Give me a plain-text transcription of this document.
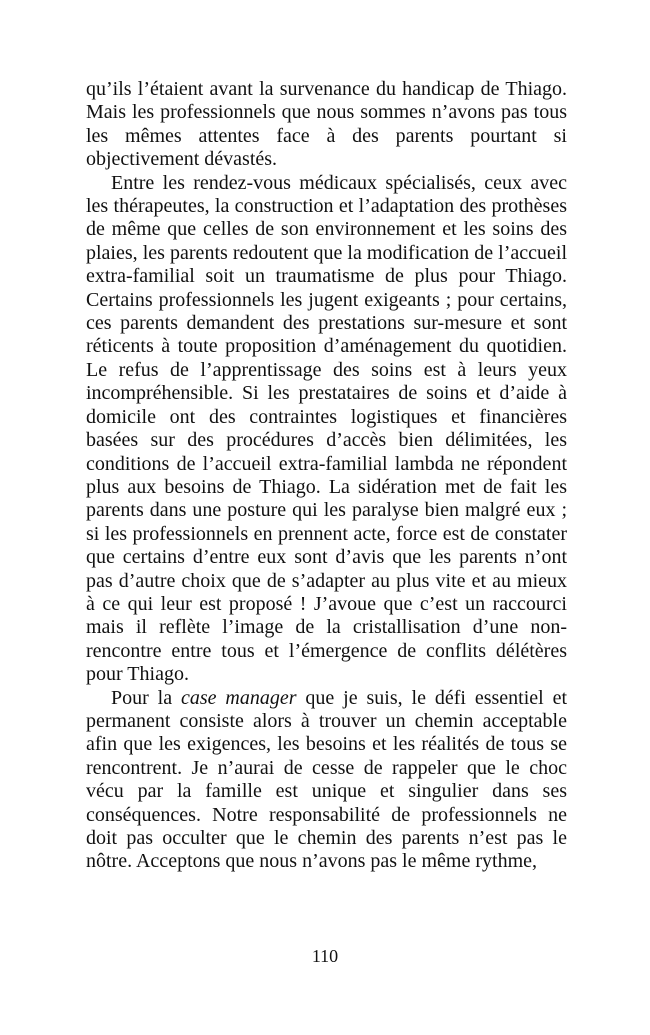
qu’ils l’étaient avant la survenance du handicap de Thiago. Mais les professionnels que nous sommes n’avons pas tous les mêmes attentes face à des parents pourtant si objectivement dévastés.

Entre les rendez-vous médicaux spécialisés, ceux avec les thérapeutes, la construction et l’adaptation des prothèses de même que celles de son environnement et les soins des plaies, les parents redoutent que la modification de l’accueil extra-familial soit un traumatisme de plus pour Thiago. Certains professionnels les jugent exigeants ; pour certains, ces parents demandent des prestations sur-mesure et sont réticents à toute proposition d’aménagement du quotidien. Le refus de l’apprentissage des soins est à leurs yeux incompréhensible. Si les prestataires de soins et d’aide à domicile ont des contraintes logistiques et financières basées sur des procédures d’accès bien délimitées, les conditions de l’accueil extra-familial lambda ne répondent plus aux besoins de Thiago. La sidération met de fait les parents dans une posture qui les paralyse bien malgré eux ; si les professionnels en prennent acte, force est de constater que certains d’entre eux sont d’avis que les parents n’ont pas d’autre choix que de s’adapter au plus vite et au mieux à ce qui leur est proposé ! J’avoue que c’est un raccourci mais il reflète l’image de la cristallisation d’une non-rencontre entre tous et l’émergence de conflits délétères pour Thiago.

Pour la case manager que je suis, le défi essentiel et permanent consiste alors à trouver un chemin acceptable afin que les exigences, les besoins et les réalités de tous se rencontrent. Je n’aurai de cesse de rappeler que le choc vécu par la famille est unique et singulier dans ses conséquences. Notre responsabilité de professionnels ne doit pas occulter que le chemin des parents n’est pas le nôtre. Acceptons que nous n’avons pas le même rythme,

110
